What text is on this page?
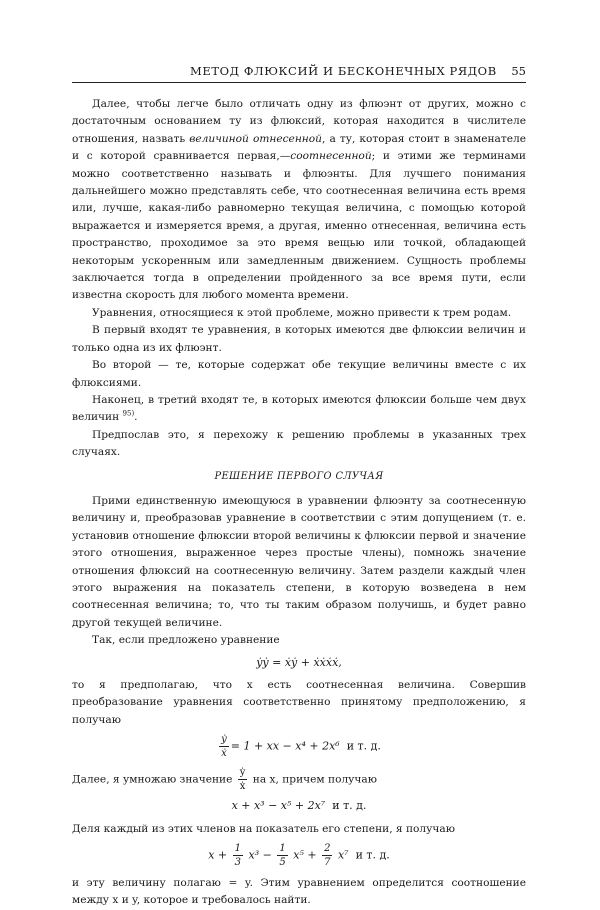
МЕТОД ФЛЮКСИЙ И БЕСКОНЕЧНЫХ РЯДОВ 55

Далее, чтобы легче было отличать одну из флюэнт от других, можно с достаточным основанием ту из флюксий, которая находится в числителе отношения, назвать величиной отнесенной, а ту, которая стоит в знаменателе и с которой сравнивается первая,—соотнесенной; и этими же терминами можно соответственно называть и флюэнты. Для лучшего понимания дальнейшего можно представлять себе, что соотнесенная величина есть время или, лучше, какая-либо равномерно текущая величина, с помощью которой выражается и измеряется время, а другая, именно отнесенная, величина есть пространство, проходимое за это время вещью или точкой, обладающей некоторым ускоренным или замедленным движением. Сущность проблемы заключается тогда в определении пройденного за все время пути, если известна скорость для любого момента времени.

Уравнения, относящиеся к этой проблеме, можно привести к трем родам.

В первый входят те уравнения, в которых имеются две флюксии величин и только одна из их флюэнт.

Во второй — те, которые содержат обе текущие величины вместе с их флюксиями.

Наконец, в третий входят те, в которых имеются флюксии больше чем двух величин $^{95)}$.

Предпослав это, я перехожу к решению проблемы в указанных трех случаях.

РЕШЕНИЕ ПЕРВОГО СЛУЧАЯ

Прими единственную имеющуюся в уравнении флюэнту за соотнесенную величину и, преобразовав уравнение в соответствии с этим допущением (т. е. установив отношение флюксии второй величины к флюксии первой и значение этого отношения, выраженное через простые члены), помножь значение отношения флюксий на соотнесенную величину. Затем раздели каждый член этого выражения на показатель степени, в которую возведена в нем соотнесенная величина; то, что ты таким образом получишь, и будет равно другой текущей величине.

Так, если предложено уравнение

ẏẏ = ẋẏ + ẋẋẋẋ,

то я предполагаю, что x есть соотнесенная величина. Совершив преобразование уравнения соответственно принятому предположению, я получаю

$\frac{\text{ẏ}}{\text{ẋ}} = 1$ + xx − x⁴ + 2x⁶ и т. д.

Далее, я умножаю значение $\frac{\text{ẏ}}{\text{ẋ}}$ на x, причем получаю

x + x³ − x⁵ + 2x⁷ и т. д.

Деля каждый из этих членов на показатель его степени, я получаю

$x + \frac{1}{3} x^3 - \frac{1}{5} x^5 + \frac{2}{7} x^7$ и т. д.

и эту величину полагаю = y. Этим уравнением определится соотношение между x и y, которое и требовалось найти.
